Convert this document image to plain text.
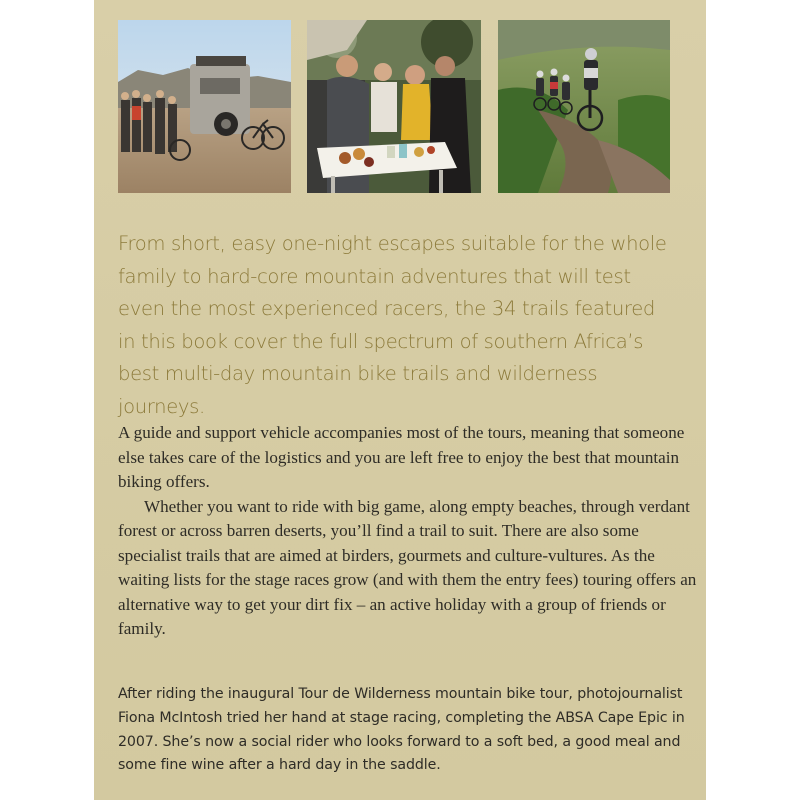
From short, easy one-night escapes suitable for the whole family to hard-core mountain adventures that will test even the most experienced racers, the 34 trails featured in this book cover the full spectrum of southern Africa’s best multi-day mountain bike trails and wilderness journeys.

A guide and support vehicle accompanies most of the tours, meaning that someone else takes care of the logistics and you are left free to enjoy the best that mountain biking offers.

Whether you want to ride with big game, along empty beaches, through verdant forest or across barren deserts, you’ll find a trail to suit. There are also some specialist trails that are aimed at birders, gourmets and culture-vultures. As the waiting lists for the stage races grow (and with them the entry fees) touring offers an alternative way to get your dirt fix – an active holiday with a group of friends or family.

After riding the inaugural Tour de Wilderness mountain bike tour, photojournalist Fiona McIntosh tried her hand at stage racing, completing the ABSA Cape Epic in 2007. She’s now a social rider who looks forward to a soft bed, a good meal and some fine wine after a hard day in the saddle.
